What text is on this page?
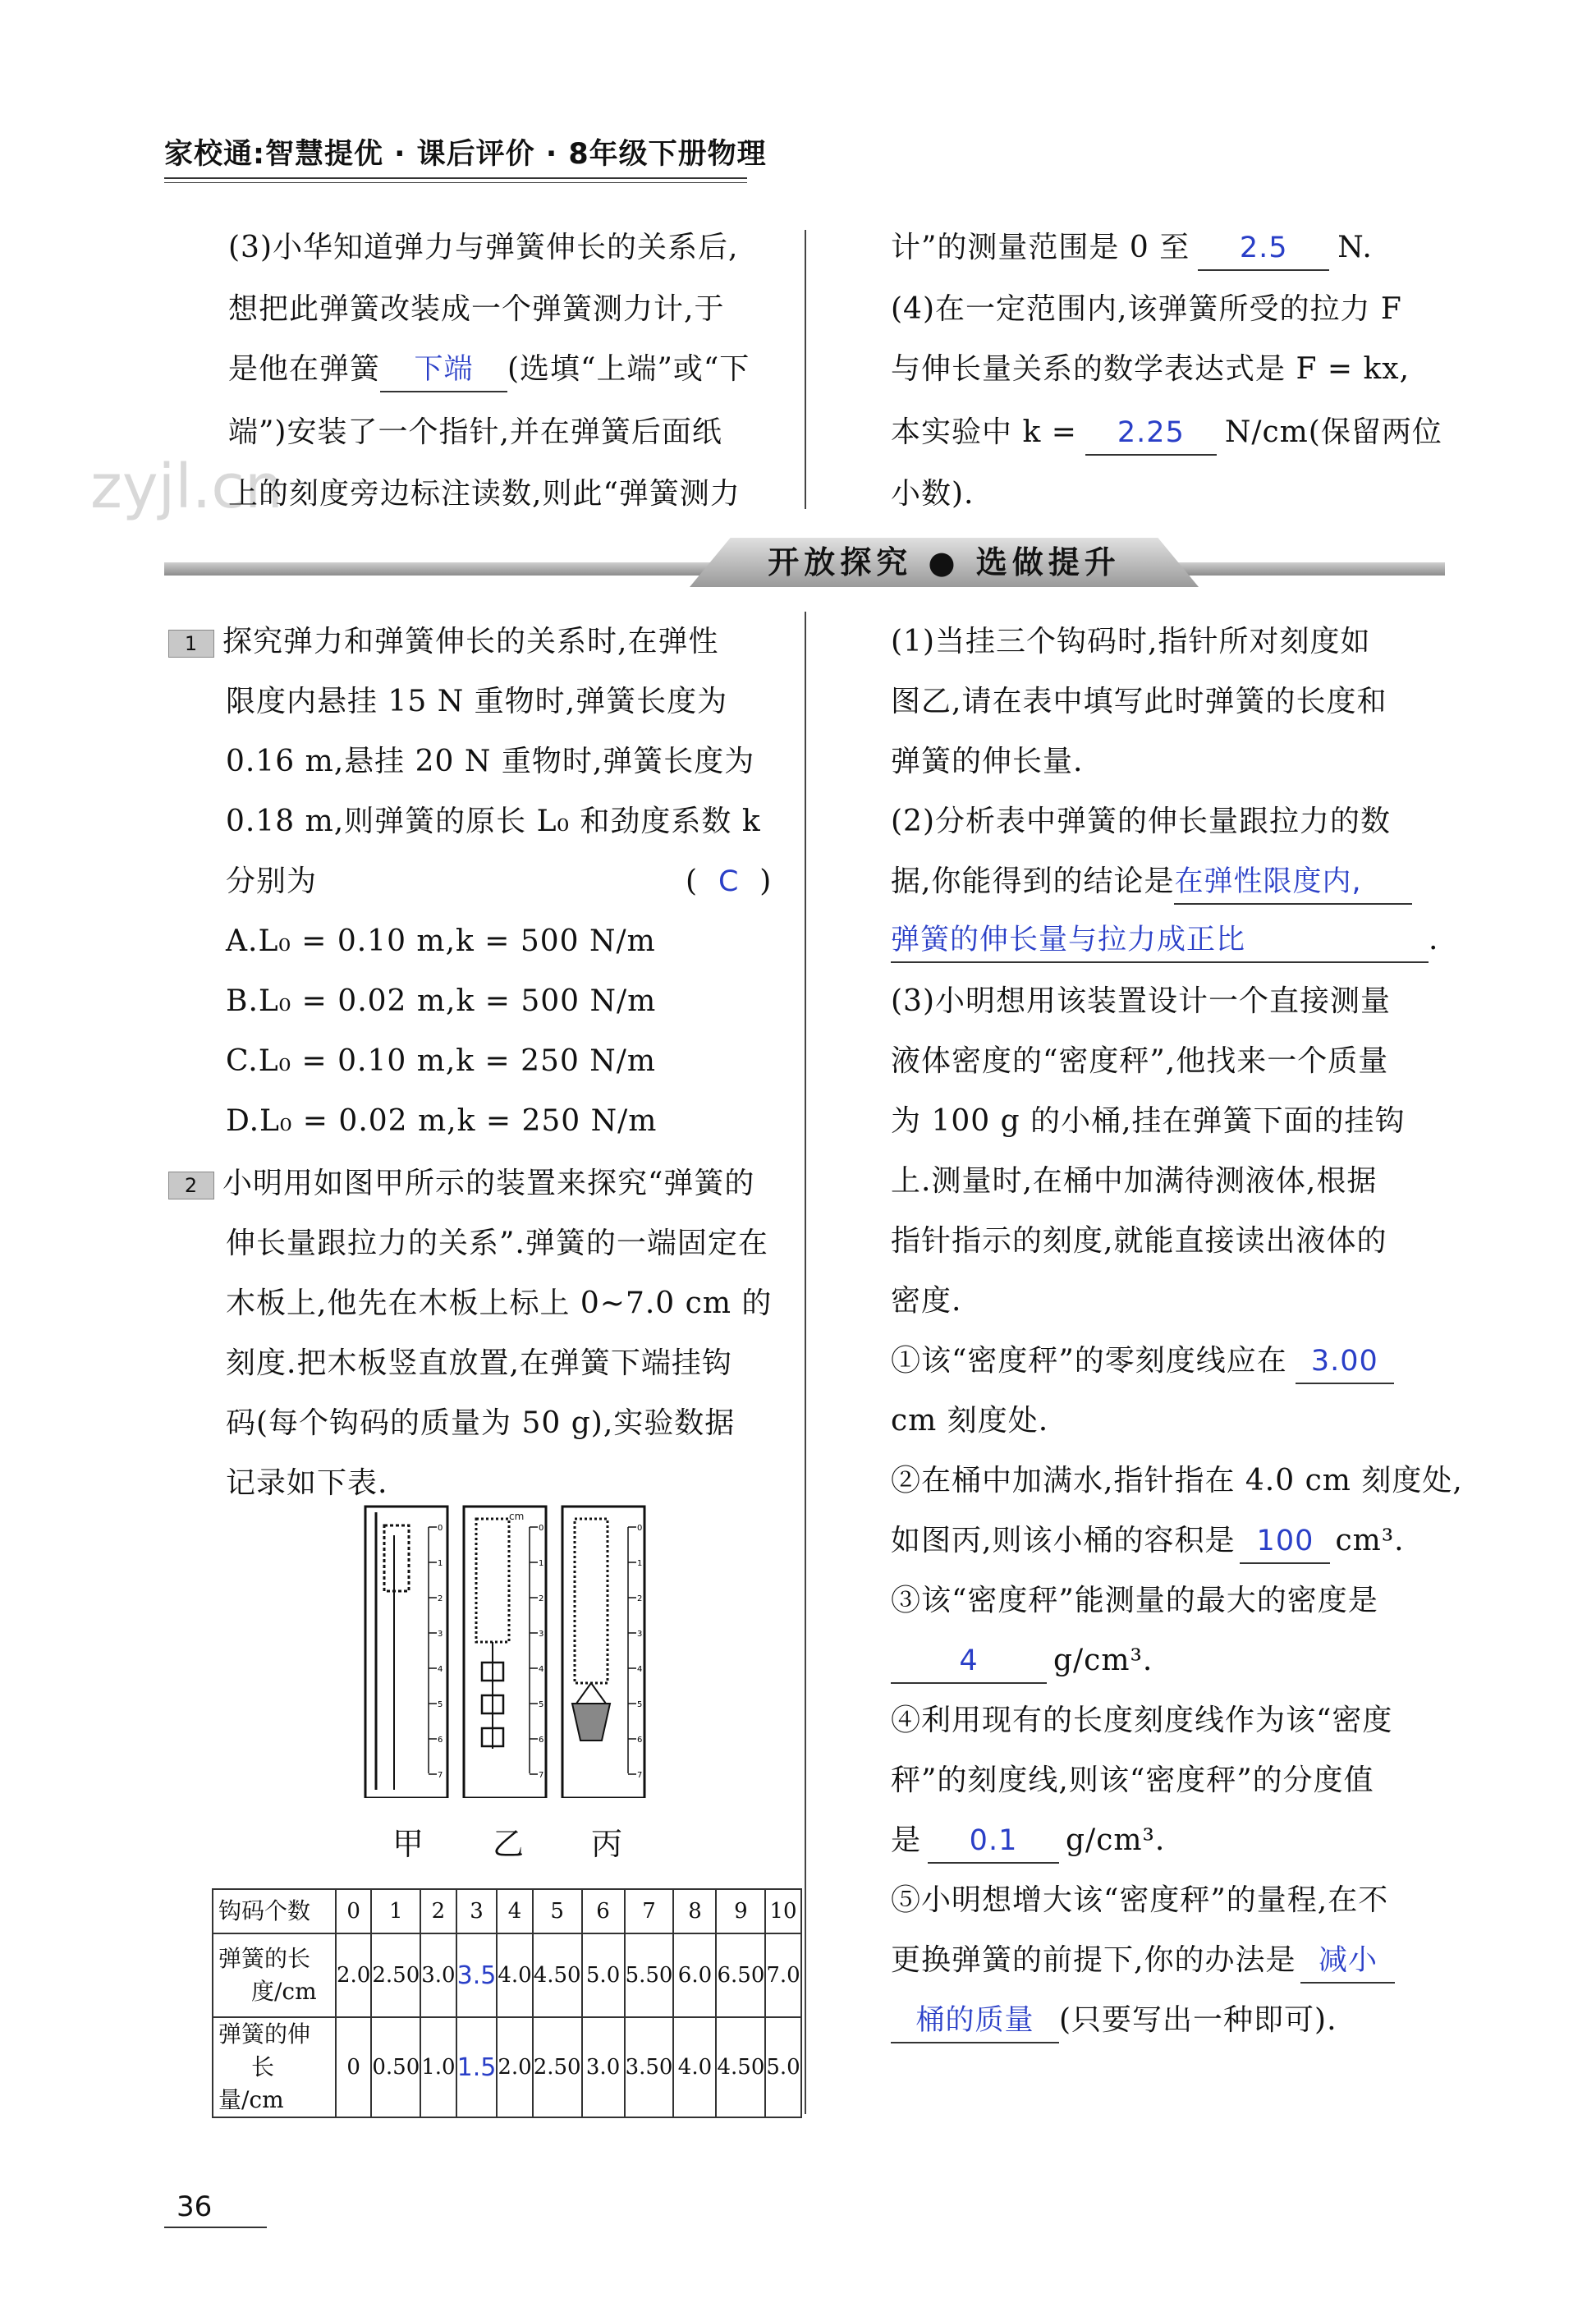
家校通:智慧提优 · 课后评价 · 8年级下册物理
zyjl.cn
(3)小华知道弹力与弹簧伸长的关系后,
想把此弹簧改装成一个弹簧测力计,于
是他在弹簧 下端 (选填“上端”或“下
端”)安装了一个指针,并在弹簧后面纸
上的刻度旁边标注读数,则此“弹簧测力
计”的测量范围是 0 至 2.5 N.
(4)在一定范围内,该弹簧所受的拉力 F
与伸长量关系的数学表达式是 F = kx,
本实验中 k = 2.25 N/cm(保留两位
小数).
开放探究 ● 选做提升
1 探究弹力和弹簧伸长的关系时,在弹性
限度内悬挂 15 N 重物时,弹簧长度为
0.16 m,悬挂 20 N 重物时,弹簧长度为
0.18 m,则弹簧的原长 L₀ 和劲度系数 k
分别为	(  C  )
A.L₀ = 0.10 m,k = 500 N/m
B.L₀ = 0.02 m,k = 500 N/m
C.L₀ = 0.10 m,k = 250 N/m
D.L₀ = 0.02 m,k = 250 N/m
2 小明用如图甲所示的装置来探究“弹簧的
伸长量跟拉力的关系”.弹簧的一端固定在
木板上,他先在木板上标上 0~7.0 cm 的
刻度.把木板竖直放置,在弹簧下端挂钩
码(每个钩码的质量为 50 g),实验数据
记录如下表.
0
1
2
3
4
5
6
7
0
1
2
3
4
5
6
7
0
1
2
3
4
5
6
7
cm
甲 乙 丙
钩码个数	0	1	2	3	4	5	6	7	8	9	10
弹簧的长
度/cm	2.0	2.50	3.0	3.5	4.0	4.50	5.0	5.50	6.0	6.50	7.0
弹簧的伸
长量/cm	0	0.50	1.0	1.5	2.0	2.50	3.0	3.50	4.0	4.50	5.0
(1)当挂三个钩码时,指针所对刻度如
图乙,请在表中填写此时弹簧的长度和
弹簧的伸长量.
(2)分析表中弹簧的伸长量跟拉力的数
据,你能得到的结论是在弹性限度内,
弹簧的伸长量与拉力成正比	.
(3)小明想用该装置设计一个直接测量
液体密度的“密度秤”,他找来一个质量
为 100 g 的小桶,挂在弹簧下面的挂钩
上.测量时,在桶中加满待测液体,根据
指针指示的刻度,就能直接读出液体的
密度.
①该“密度秤”的零刻度线应在 3.00
cm 刻度处.
②在桶中加满水,指针指在 4.0 cm 刻度处,
如图丙,则该小桶的容积是 100 cm³.
③该“密度秤”能测量的最大的密度是
4	g/cm³.
④利用现有的长度刻度线作为该“密度
秤”的刻度线,则该“密度秤”的分度值
是 0.1 g/cm³.
⑤小明想增大该“密度秤”的量程,在不
更换弹簧的前提下,你的办法是 减小
桶的质量 (只要写出一种即可).
36
